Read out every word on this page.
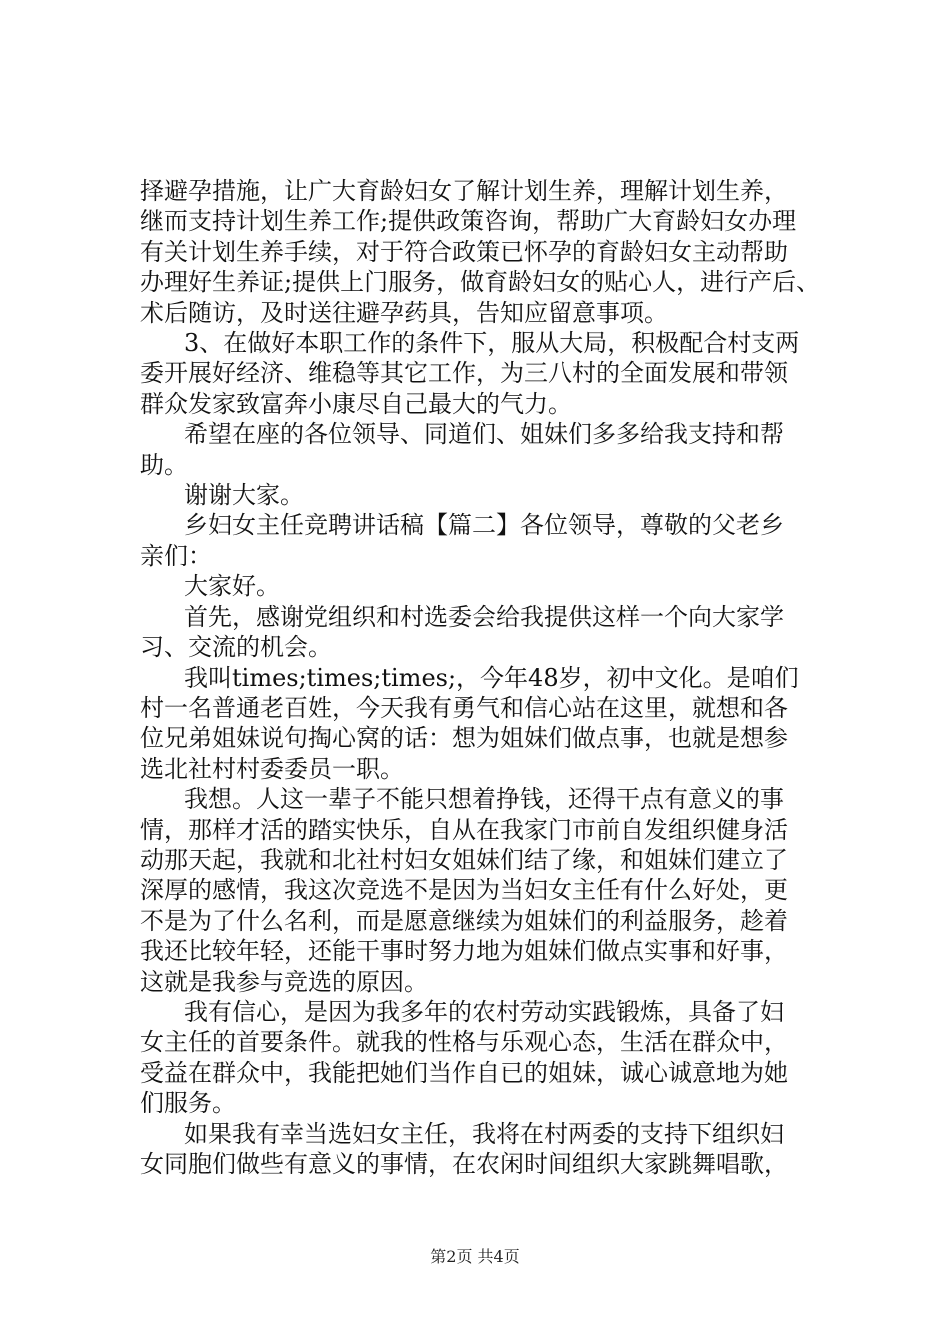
择避孕措施，让广大育龄妇女了解计划生养，理解计划生养，
继而支持计划生养工作;提供政策咨询，帮助广大育龄妇女办理
有关计划生养手续，对于符合政策已怀孕的育龄妇女主动帮助
办理好生养证;提供上门服务，做育龄妇女的贴心人，进行产后、
术后随访，及时送往避孕药具，告知应留意事项。
3、在做好本职工作的条件下，服从大局，积极配合村支两
委开展好经济、维稳等其它工作，为三八村的全面发展和带领
群众发家致富奔小康尽自己最大的气力。
希望在座的各位领导、同道们、姐妹们多多给我支持和帮
助。
谢谢大家。
乡妇女主任竞聘讲话稿【篇二】各位领导，尊敬的父老乡
亲们：
大家好。
首先，感谢党组织和村选委会给我提供这样一个向大家学
习、交流的机会。
我叫times;times;times;，今年48岁，初中文化。是咱们
村一名普通老百姓，今天我有勇气和信心站在这里，就想和各
位兄弟姐妹说句掏心窝的话：想为姐妹们做点事，也就是想参
选北社村村委委员一职。
我想。人这一辈子不能只想着挣钱，还得干点有意义的事
情，那样才活的踏实快乐，自从在我家门市前自发组织健身活
动那天起，我就和北社村妇女姐妹们结了缘，和姐妹们建立了
深厚的感情，我这次竞选不是因为当妇女主任有什么好处，更
不是为了什么名利，而是愿意继续为姐妹们的利益服务，趁着
我还比较年轻，还能干事时努力地为姐妹们做点实事和好事，
这就是我参与竞选的原因。
我有信心，是因为我多年的农村劳动实践锻炼，具备了妇
女主任的首要条件。就我的性格与乐观心态，生活在群众中，
受益在群众中，我能把她们当作自已的姐妹，诚心诚意地为她
们服务。
如果我有幸当选妇女主任，我将在村两委的支持下组织妇
女同胞们做些有意义的事情，在农闲时间组织大家跳舞唱歌，
第2页 共4页
